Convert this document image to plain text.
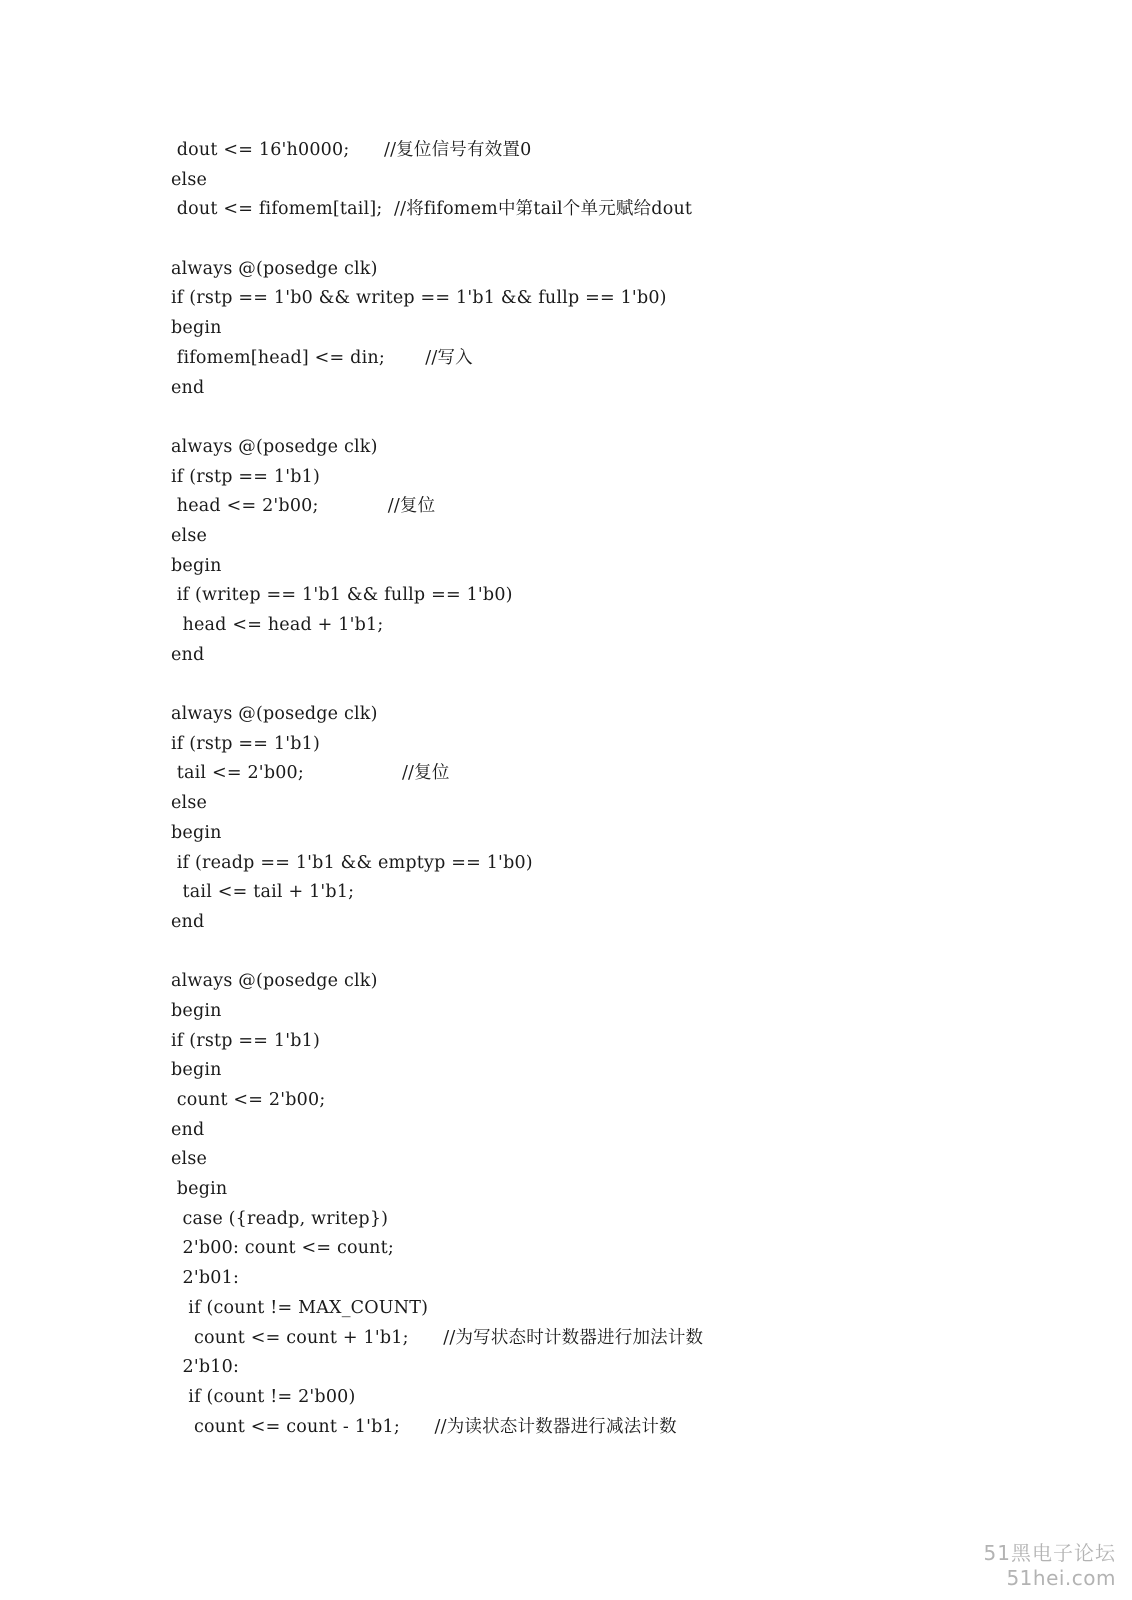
dout <= 16'h0000;      //复位信号有效置0
else
dout <= fifomem[tail];  //将fifomem中第tail个单元赋给dout
always @(posedge clk)
if (rstp == 1'b0 && writep == 1'b1 && fullp == 1'b0)
begin
fifomem[head] <= din;       //写入
end
always @(posedge clk)
if (rstp == 1'b1)
head <= 2'b00;            //复位
else
begin
if (writep == 1'b1 && fullp == 1'b0)
head <= head + 1'b1;
end
always @(posedge clk)
if (rstp == 1'b1)
tail <= 2'b00;                 //复位
else
begin
if (readp == 1'b1 && emptyp == 1'b0)
tail <= tail + 1'b1;
end
always @(posedge clk)
begin
if (rstp == 1'b1)
begin
count <= 2'b00;
end
else
begin
case ({readp, writep})
2'b00: count <= count;
2'b01:
if (count != MAX_COUNT)
count <= count + 1'b1;      //为写状态时计数器进行加法计数
2'b10:
if (count != 2'b00)
count <= count - 1'b1;      //为读状态计数器进行减法计数
51黑电子论坛
51hei.com
